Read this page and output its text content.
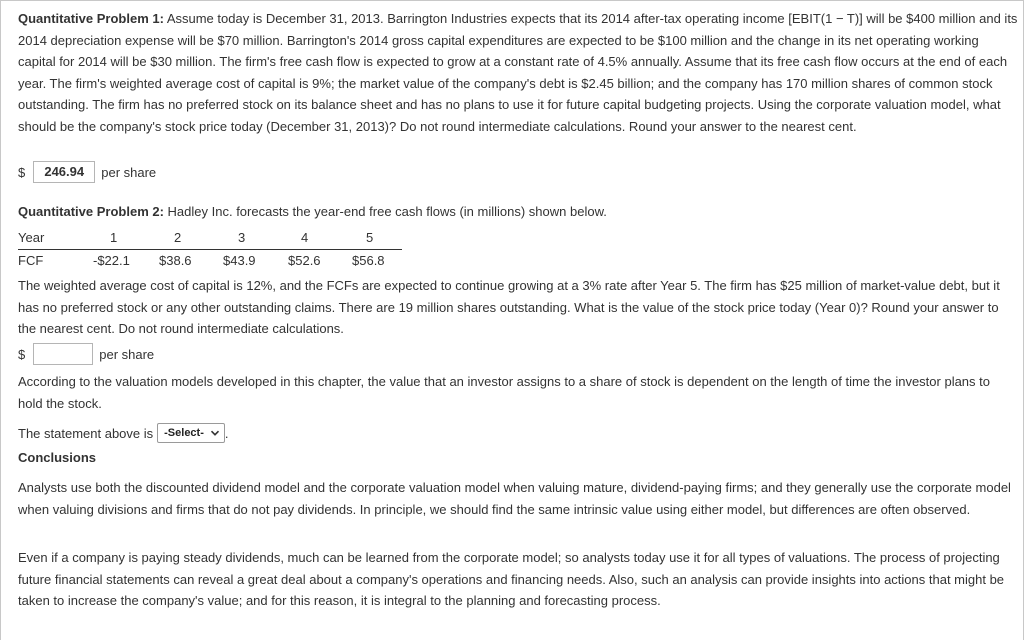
Quantitative Problem 1: Assume today is December 31, 2013. Barrington Industries expects that its 2014 after-tax operating income [EBIT(1 − T)] will be $400 million and its 2014 depreciation expense will be $70 million. Barrington's 2014 gross capital expenditures are expected to be $100 million and the change in its net operating working capital for 2014 will be $30 million. The firm's free cash flow is expected to grow at a constant rate of 4.5% annually. Assume that its free cash flow occurs at the end of each year. The firm's weighted average cost of capital is 9%; the market value of the company's debt is $2.45 billion; and the company has 170 million shares of common stock outstanding. The firm has no preferred stock on its balance sheet and has no plans to use it for future capital budgeting projects. Using the corporate valuation model, what should be the company's stock price today (December 31, 2013)? Do not round intermediate calculations. Round your answer to the nearest cent.

$	246.94	per share

Quantitative Problem 2: Hadley Inc. forecasts the year-end free cash flows (in millions) shown below.

Year	1	2	3	4	5
FCF	-$22.1 $38.6 $43.9 $52.6 $56.8

The weighted average cost of capital is 12%, and the FCFs are expected to continue growing at a 3% rate after Year 5. The firm has $25 million of market-value debt, but it has no preferred stock or any other outstanding claims. There are 19 million shares outstanding. What is the value of the stock price today (Year 0)? Round your answer to the nearest cent. Do not round intermediate calculations.

$	per share

According to the valuation models developed in this chapter, the value that an investor assigns to a share of stock is dependent on the length of time the investor plans to hold the stock.

The statement above is -Select- .

Conclusions

Analysts use both the discounted dividend model and the corporate valuation model when valuing mature, dividend-paying firms; and they generally use the corporate model when valuing divisions and firms that do not pay dividends. In principle, we should find the same intrinsic value using either model, but differences are often observed.

Even if a company is paying steady dividends, much can be learned from the corporate model; so analysts today use it for all types of valuations. The process of projecting future financial statements can reveal a great deal about a company's operations and financing needs. Also, such an analysis can provide insights into actions that might be taken to increase the company's value; and for this reason, it is integral to the planning and forecasting process.
